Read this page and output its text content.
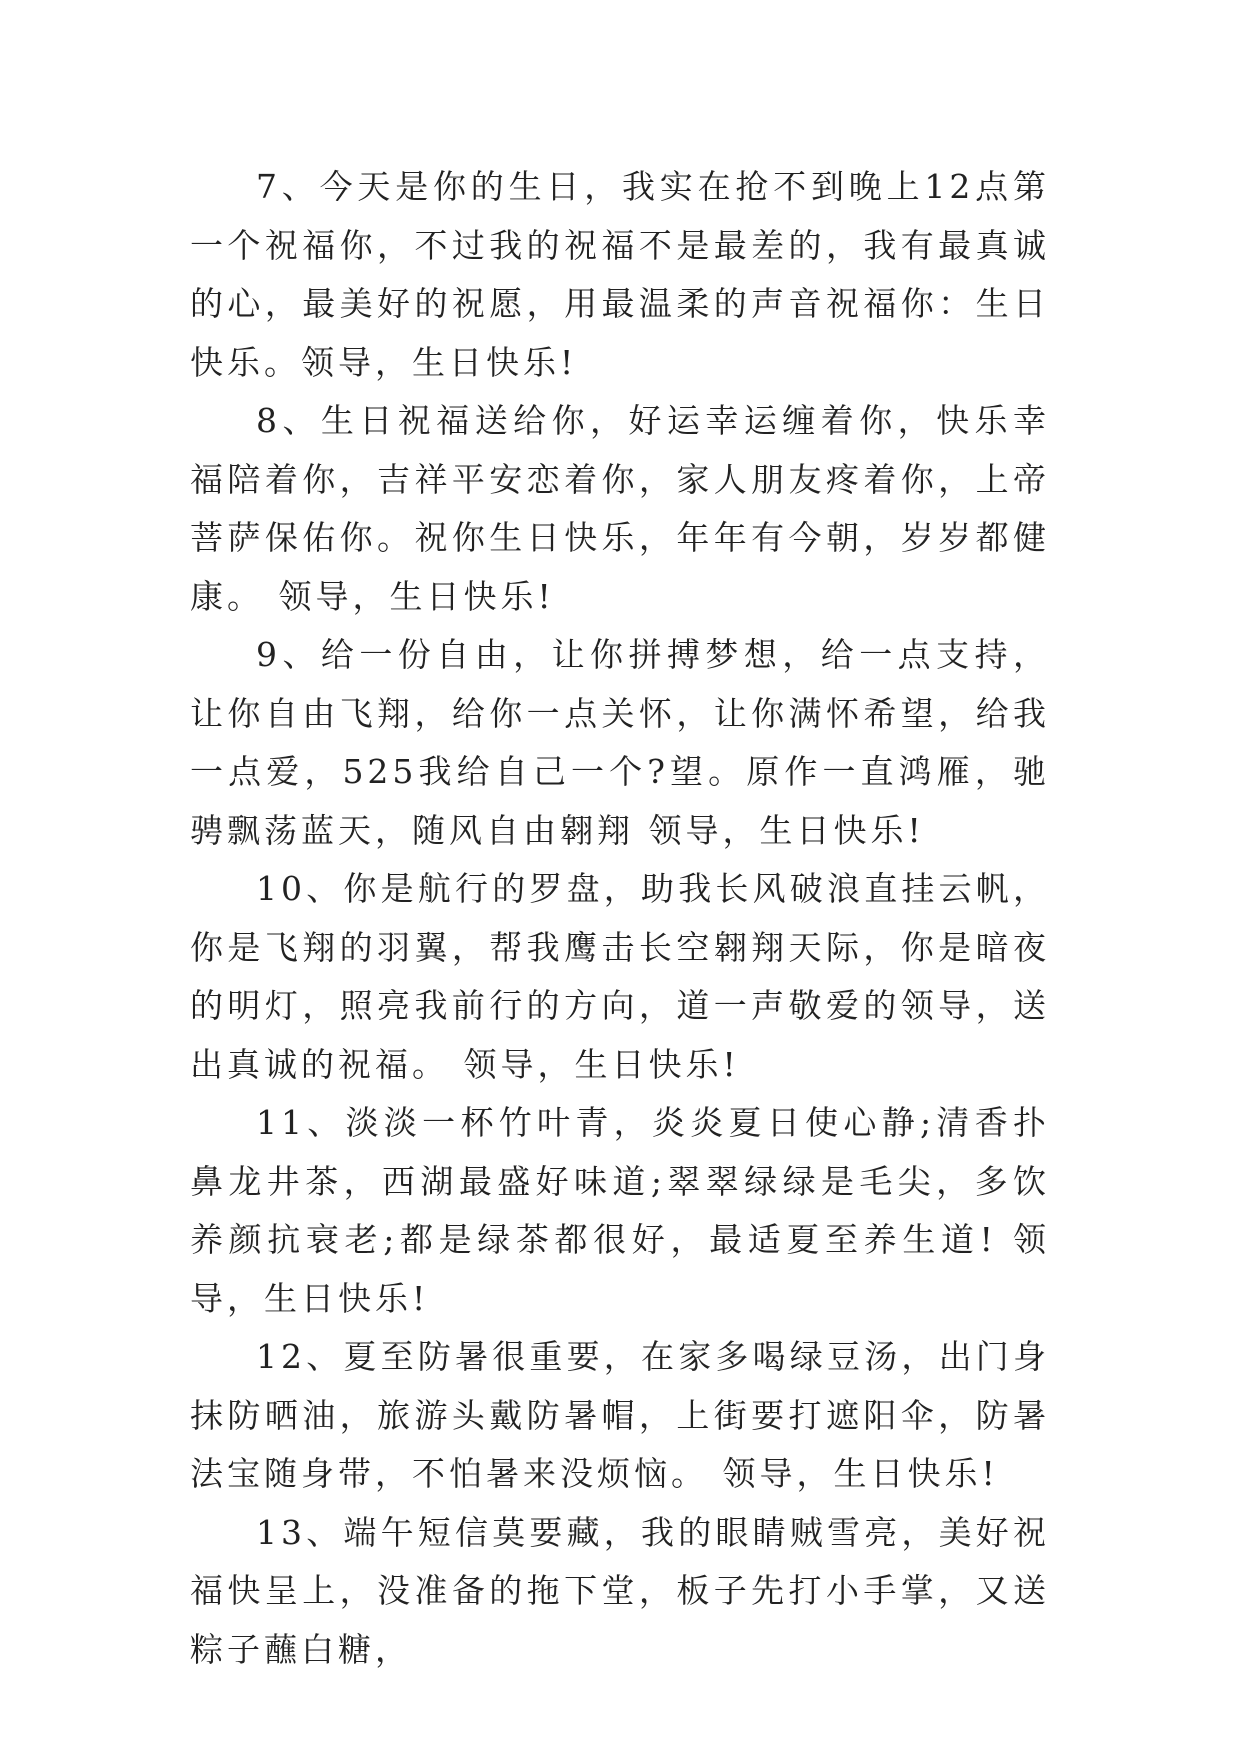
7、今天是你的生日，我实在抢不到晚上12点第一个祝福你，不过我的祝福不是最差的，我有最真诚的心，最美好的祝愿，用最温柔的声音祝福你：生日快乐。领导，生日快乐!

8、生日祝福送给你，好运幸运缠着你，快乐幸福陪着你，吉祥平安恋着你，家人朋友疼着你，上帝菩萨保佑你。祝你生日快乐，年年有今朝，岁岁都健康。 领导，生日快乐!

9、给一份自由，让你拼搏梦想，给一点支持，让你自由飞翔，给你一点关怀，让你满怀希望，给我一点爱，525我给自己一个?望。原作一直鸿雁，驰骋飘荡蓝天，随风自由翱翔 领导，生日快乐!

10、你是航行的罗盘，助我长风破浪直挂云帆，你是飞翔的羽翼，帮我鹰击长空翱翔天际，你是暗夜的明灯，照亮我前行的方向，道一声敬爱的领导，送出真诚的祝福。 领导，生日快乐!

11、淡淡一杯竹叶青，炎炎夏日使心静;清香扑鼻龙井茶，西湖最盛好味道;翠翠绿绿是毛尖，多饮养颜抗衰老;都是绿茶都很好，最适夏至养生道! 领导，生日快乐!

12、夏至防暑很重要，在家多喝绿豆汤，出门身抹防晒油，旅游头戴防暑帽，上街要打遮阳伞，防暑法宝随身带，不怕暑来没烦恼。 领导，生日快乐!

13、端午短信莫要藏，我的眼睛贼雪亮，美好祝福快呈上，没准备的拖下堂，板子先打小手掌，又送粽子蘸白糖，
